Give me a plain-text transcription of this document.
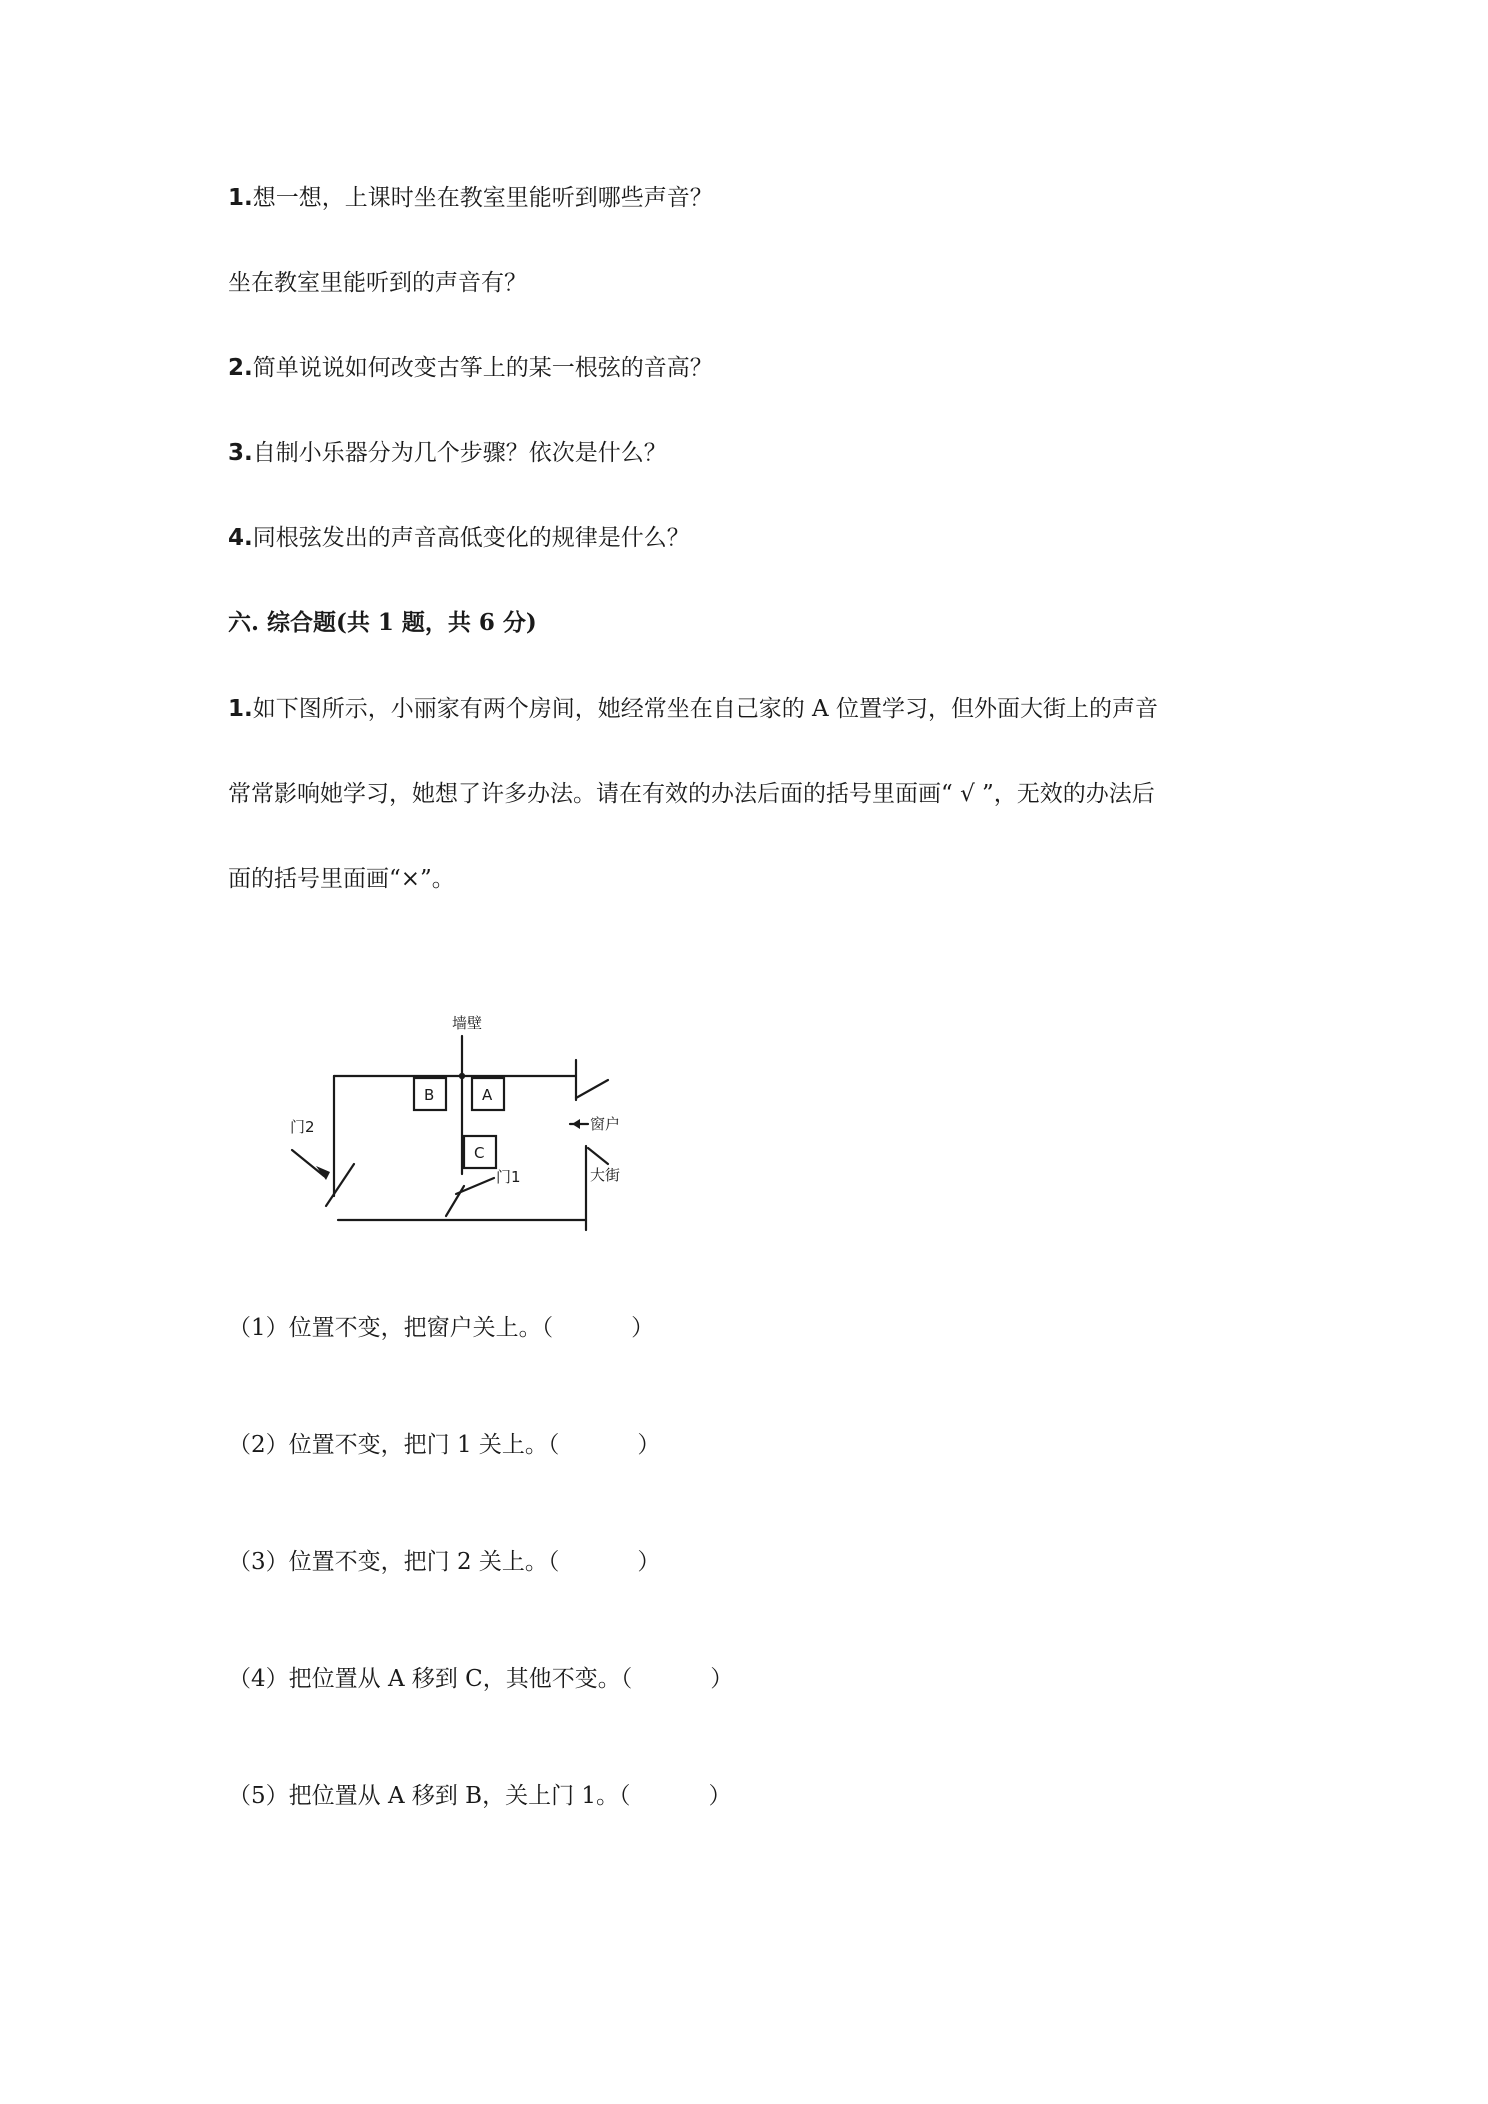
1.想一想，上课时坐在教室里能听到哪些声音？
坐在教室里能听到的声音有？
2.简单说说如何改变古筝上的某一根弦的音高？
3.自制小乐器分为几个步骤？依次是什么？
4.同根弦发出的声音高低变化的规律是什么？
六. 综合题(共 1 题，共 6 分)
1.如下图所示，小丽家有两个房间，她经常坐在自己家的 A 位置学习，但外面大街上的声音
常常影响她学习，她想了许多办法。请在有效的办法后面的括号里面画“ √ ”，无效的办法后
面的括号里面画“×”。
墙壁
B	A
C
门2
门1
窗户
大街
（1）位置不变，把窗户关上。（	）
（2）位置不变，把门 1 关上。（	）
（3）位置不变，把门 2 关上。（	）
（4）把位置从 A 移到 C，其他不变。（	）
（5）把位置从 A 移到 B，关上门 1。（	）
